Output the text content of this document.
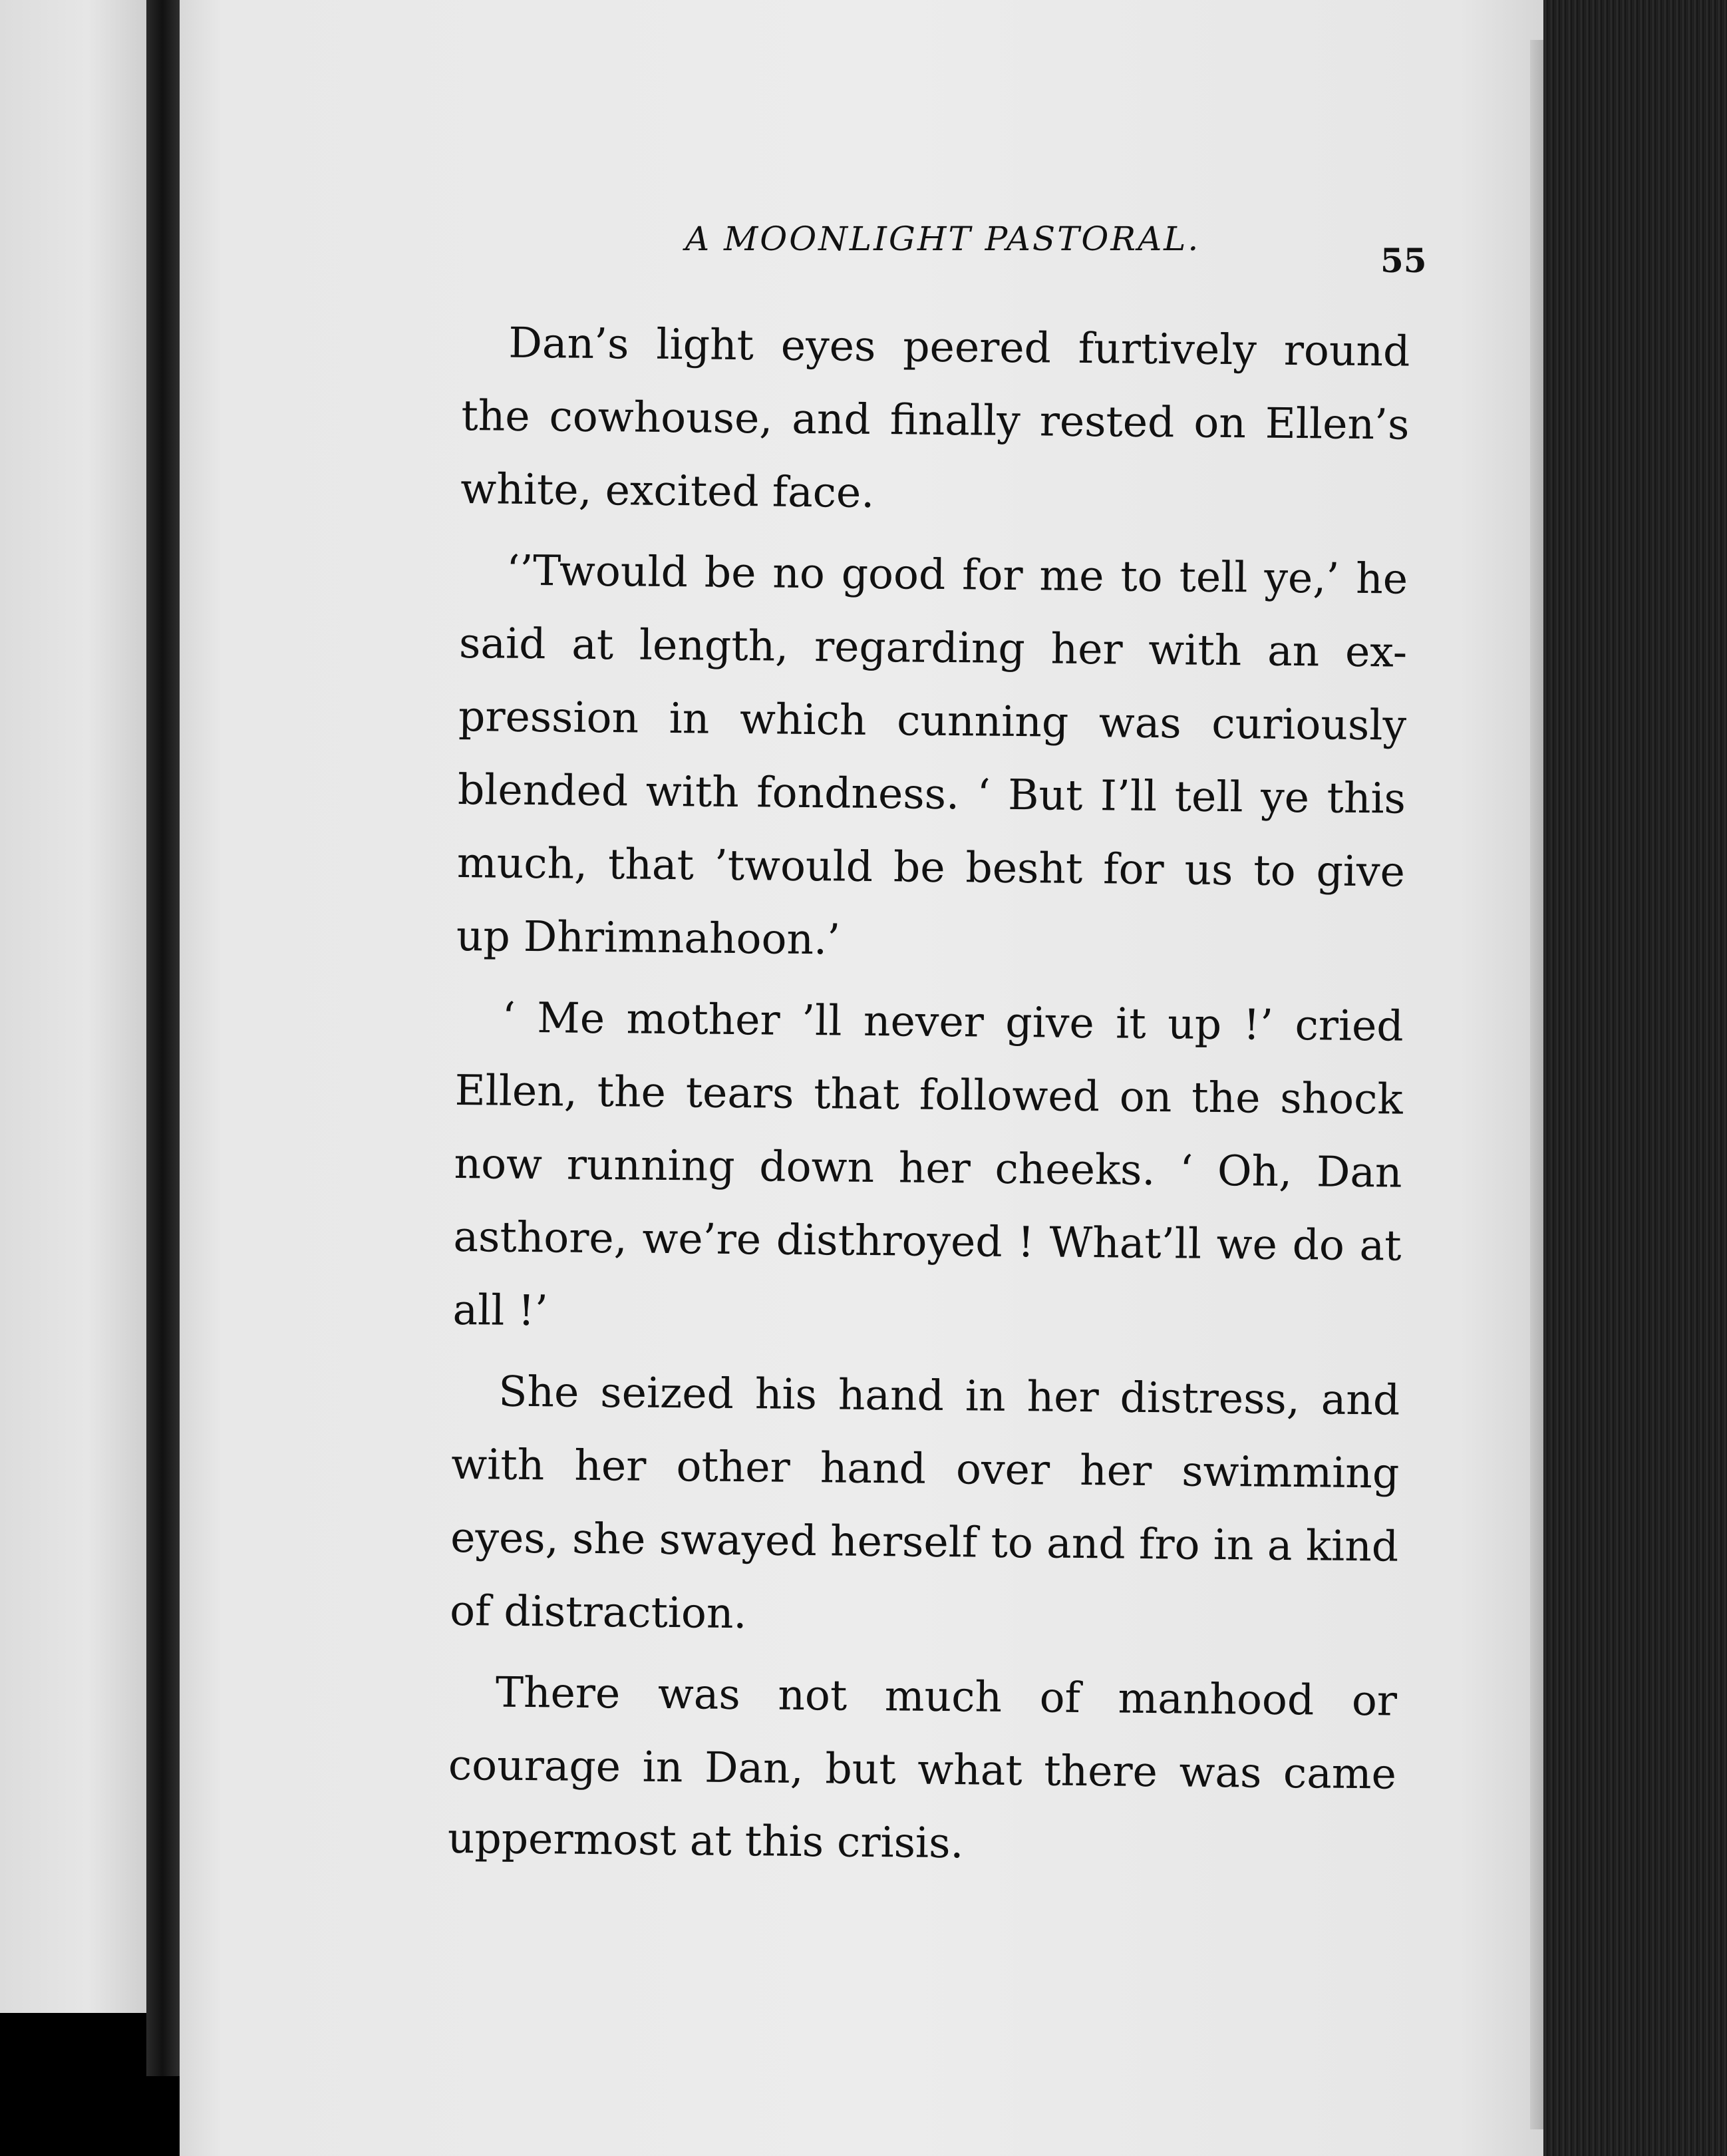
A MOONLIGHT PASTORAL.
55

Dan’s light eyes peered furtively round the cowhouse, and finally rested on Ellen’s white, excited face.

‘’Twould be no good for me to tell ye,’ he said at length, regarding her with an ex- pression in which cunning was curiously blended with fondness. ‘ But I’ll tell ye this much, that ’twould be besht for us to give up Dhrimnahoon.’

‘ Me mother ’ll never give it up !’ cried Ellen, the tears that followed on the shock now running down her cheeks. ‘ Oh, Dan asthore, we’re disthroyed ! What’ll we do at all !’

She seized his hand in her distress, and with her other hand over her swimming eyes, she swayed herself to and fro in a kind of distraction.

There was not much of manhood or courage in Dan, but what there was came uppermost at this crisis.
